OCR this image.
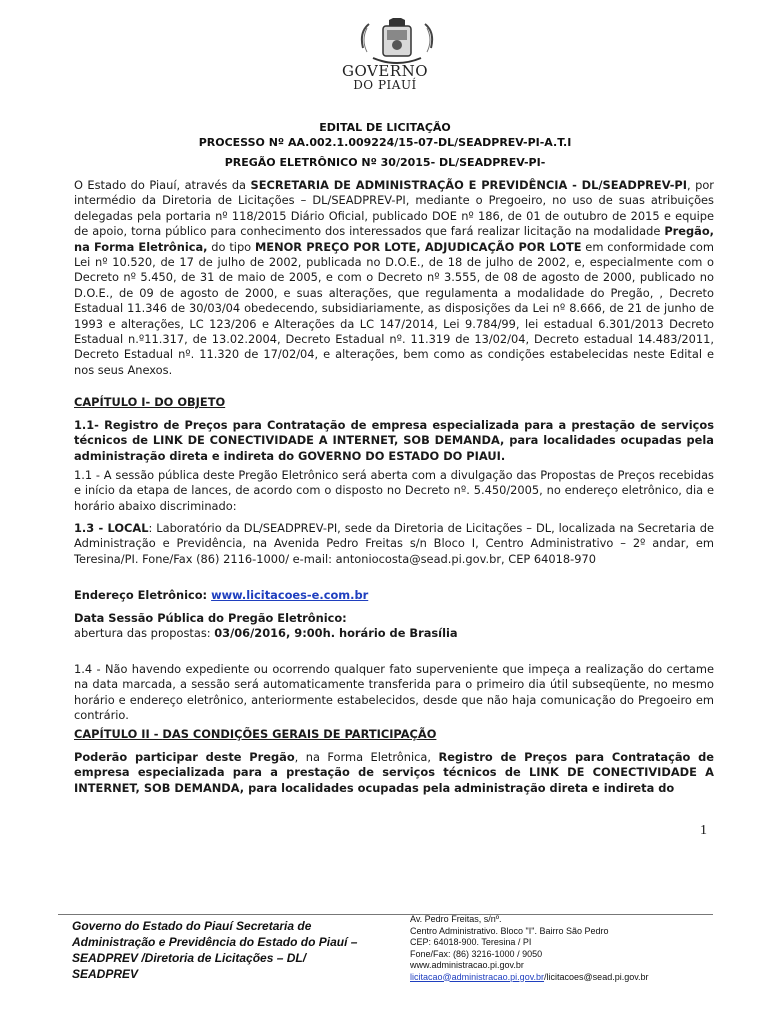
GOVERNO
DO PIAUÍ
EDITAL DE LICITAÇÃO
PROCESSO Nº AA.002.1.009224/15-07-DL/SEADPREV-PI-A.T.I
PREGÃO ELETRÔNICO Nº 30/2015- DL/SEADPREV-PI-
O Estado do Piauí, através da SECRETARIA DE ADMINISTRAÇÃO E PREVIDÊNCIA - DL/SEADPREV-PI, por intermédio da Diretoria de Licitações – DL/SEADPREV-PI, mediante o Pregoeiro, no uso de suas atribuições delegadas pela portaria nº 118/2015 Diário Oficial, publicado DOE nº 186, de 01 de outubro de 2015 e equipe de apoio, torna público para conhecimento dos interessados que fará realizar licitação na modalidade Pregão, na Forma Eletrônica, do tipo MENOR PREÇO POR LOTE, ADJUDICAÇÃO POR LOTE em conformidade com Lei nº 10.520, de 17 de julho de 2002, publicada no D.O.E., de 18 de julho de 2002, e, especialmente com o Decreto nº 5.450, de 31 de maio de 2005, e com o Decreto nº 3.555, de 08 de agosto de 2000, publicado no D.O.E., de 09 de agosto de 2000, e suas alterações, que regulamenta a modalidade do Pregão, , Decreto Estadual 11.346 de 30/03/04 obedecendo, subsidiariamente, as disposições da Lei nº 8.666, de 21 de junho de 1993 e alterações, LC 123/206 e Alterações da LC 147/2014, Lei 9.784/99, lei estadual 6.301/2013 Decreto Estadual n.º11.317, de 13.02.2004, Decreto Estadual nº. 11.319 de 13/02/04, Decreto estadual 14.483/2011, Decreto Estadual nº. 11.320 de 17/02/04, e alterações, bem como as condições estabelecidas neste Edital e nos seus Anexos.
CAPÍTULO I- DO OBJETO
1.1- Registro de Preços para Contratação de empresa especializada para a prestação de serviços técnicos de LINK DE CONECTIVIDADE A INTERNET, SOB DEMANDA, para localidades ocupadas pela administração direta e indireta do GOVERNO DO ESTADO DO PIAUI.
1.1 - A sessão pública deste Pregão Eletrônico será aberta com a divulgação das Propostas de Preços recebidas e início da etapa de lances, de acordo com o disposto no Decreto nº. 5.450/2005, no endereço eletrônico, dia e horário abaixo discriminado:
1.3 - LOCAL: Laboratório da DL/SEADPREV-PI, sede da Diretoria de Licitações – DL, localizada na Secretaria de Administração e Previdência, na Avenida Pedro Freitas s/n Bloco I, Centro Administrativo – 2º andar, em Teresina/PI. Fone/Fax (86) 2116-1000/ e-mail: antoniocosta@sead.pi.gov.br, CEP 64018-970
Endereço Eletrônico: www.licitacoes-e.com.br
Data Sessão Pública do Pregão Eletrônico:
abertura das propostas: 03/06/2016, 9:00h. horário de Brasília
1.4 - Não havendo expediente ou ocorrendo qualquer fato superveniente que impeça a realização do certame na data marcada, a sessão será automaticamente transferida para o primeiro dia útil subseqüente, no mesmo horário e endereço eletrônico, anteriormente estabelecidos, desde que não haja comunicação do Pregoeiro em contrário.
CAPÍTULO II - DAS CONDIÇÕES GERAIS DE PARTICIPAÇÃO
Poderão participar deste Pregão, na Forma Eletrônica, Registro de Preços para Contratação de empresa especializada para a prestação de serviços técnicos de LINK DE CONECTIVIDADE A INTERNET, SOB DEMANDA, para localidades ocupadas pela administração direta e indireta do
1
Governo do Estado do Piauí Secretaria de Administração e Previdência do Estado do Piauí – SEADPREV /Diretoria de Licitações – DL/ SEADPREV
Av. Pedro Freitas, s/nº.
Centro Administrativo. Bloco "I". Bairro São Pedro
CEP: 64018-900. Teresina / PI
Fone/Fax: (86) 3216-1000 / 9050
www.administracao.pi.gov.br
licitacao@administracao.pi.gov.br/licitacoes@sead.pi.gov.br
